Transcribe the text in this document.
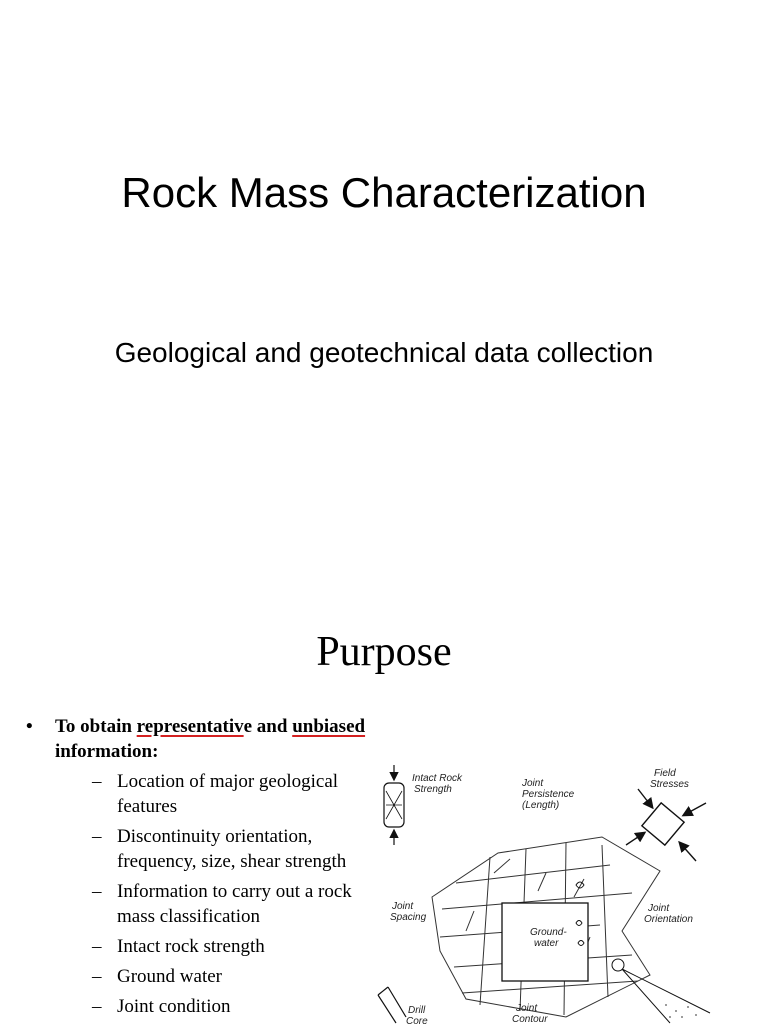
Rock Mass Characterization
Geological and geotechnical data collection
Purpose
• To obtain representative and unbiased information:
– Location of major geological features
– Discontinuity orientation, frequency, size, shear strength
– Information to carry out a rock mass classification
– Intact rock strength
– Ground water
– Joint condition
Intact Rock
Strength
Joint
Persistence
(Length)
Field
Stresses
Ground-
water
Joint
Spacing
Joint
Orientation
Drill
Core
Joint
Contour
